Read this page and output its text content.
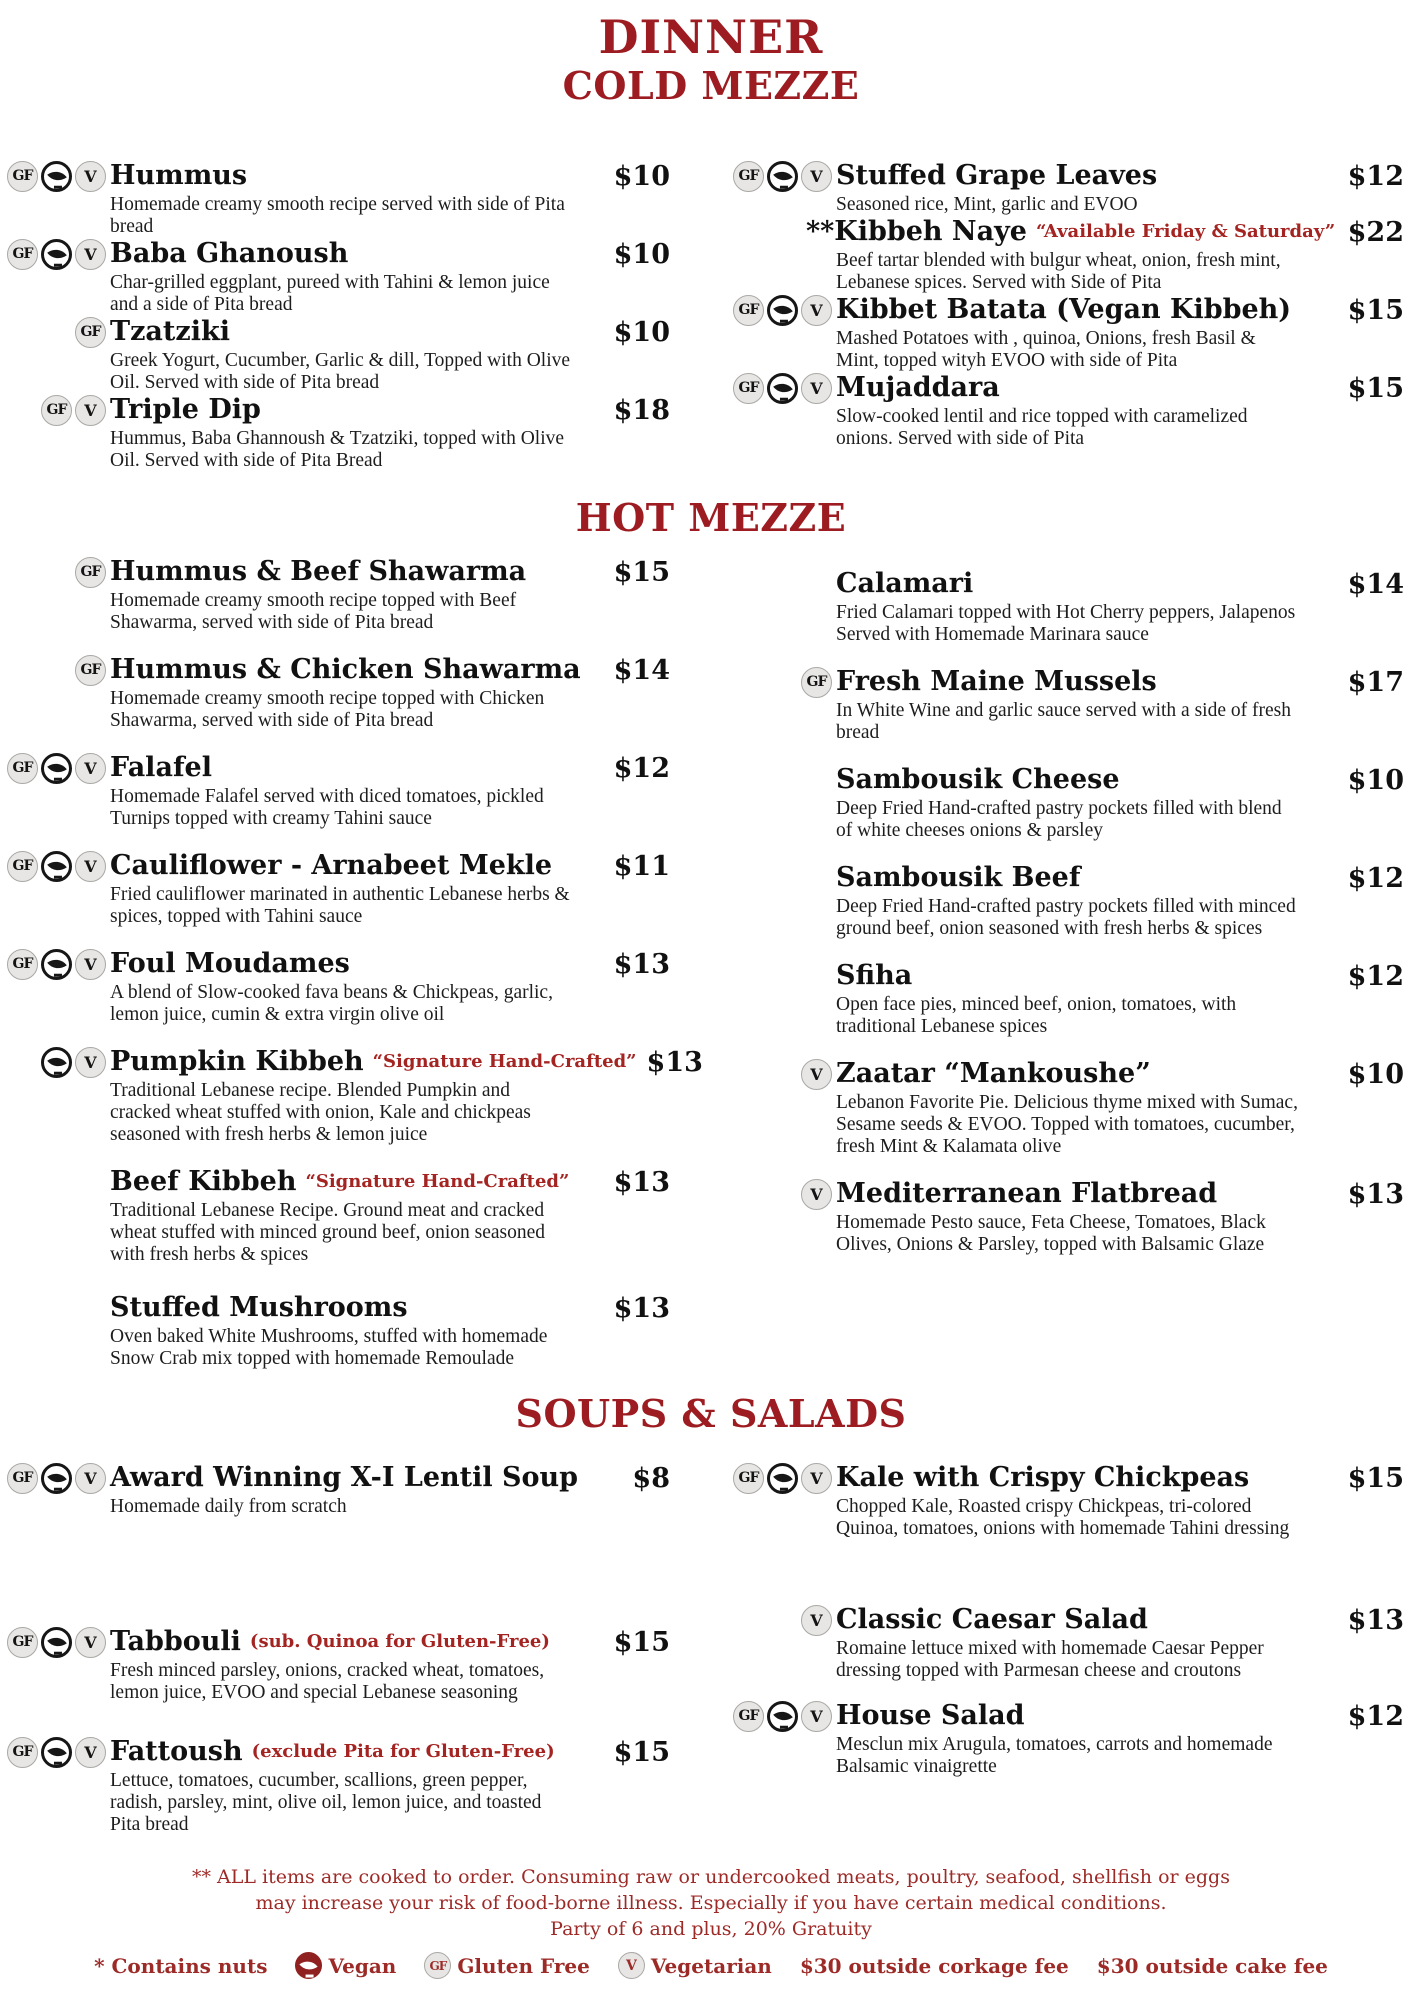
DINNER
COLD MEZZE
GF	V Hummus	$10
Homemade creamy smooth recipe served with side of Pita bread
GF	V Baba Ghanoush	$10
Char-grilled eggplant, pureed with Tahini & lemon juice and a side of Pita bread
GF Tzatziki	$10
Greek Yogurt, Cucumber, Garlic & dill, Topped with Olive Oil. Served with side of Pita bread
GF	V Triple Dip	$18
Hummus, Baba Ghannoush & Tzatziki, topped with Olive Oil. Served with side of Pita Bread
GF	V Stuffed Grape Leaves	$12
Seasoned rice, Mint, garlic and EVOO
**Kibbeh Naye “Available Friday & Saturday” $22
Beef tartar blended with bulgur wheat, onion, fresh mint, Lebanese spices. Served with Side of Pita
GF	V Kibbet Batata (Vegan Kibbeh)	$15
Mashed Potatoes with , quinoa, Onions, fresh Basil & Mint, topped wityh EVOO with side of Pita
GF	V Mujaddara	$15
Slow-cooked lentil and rice topped with caramelized onions. Served with side of Pita
HOT MEZZE
GF Hummus & Beef Shawarma	$15
Homemade creamy smooth recipe topped with Beef Shawarma, served with side of Pita bread
GF Hummus & Chicken Shawarma	$14
Homemade creamy smooth recipe topped with Chicken Shawarma, served with side of Pita bread
GF	V Falafel	$12
Homemade Falafel served with diced tomatoes, pickled Turnips topped with creamy Tahini sauce
GF	V Cauliflower - Arnabeet Mekle	$11
Fried cauliflower marinated in authentic Lebanese herbs & spices, topped with Tahini sauce
GF	V Foul Moudames	$13
A blend of Slow-cooked fava beans & Chickpeas, garlic, lemon juice, cumin & extra virgin olive oil
V Pumpkin Kibbeh “Signature Hand-Crafted” $13
Traditional Lebanese recipe. Blended Pumpkin and cracked wheat stuffed with onion, Kale and chickpeas seasoned with fresh herbs & lemon juice
Beef Kibbeh “Signature Hand-Crafted”	$13
Traditional Lebanese Recipe. Ground meat and cracked wheat stuffed with minced ground beef, onion seasoned with fresh herbs & spices
Stuffed Mushrooms	$13
Oven baked White Mushrooms, stuffed with homemade Snow Crab mix topped with homemade Remoulade
Calamari	$14
Fried Calamari topped with Hot Cherry peppers, Jalapenos Served with Homemade Marinara sauce
GF Fresh Maine Mussels	$17
In White Wine and garlic sauce served with a side of fresh bread
Sambousik Cheese	$10
Deep Fried Hand-crafted pastry pockets filled with blend of white cheeses onions & parsley
Sambousik Beef	$12
Deep Fried Hand-crafted pastry pockets filled with minced ground beef, onion seasoned with fresh herbs & spices
Sfiha	$12
Open face pies, minced beef, onion, tomatoes, with traditional Lebanese spices
V Zaatar “Mankoushe”	$10
Lebanon Favorite Pie. Delicious thyme mixed with Sumac, Sesame seeds & EVOO. Topped with tomatoes, cucumber, fresh Mint & Kalamata olive
V Mediterranean Flatbread	$13
Homemade Pesto sauce, Feta Cheese, Tomatoes, Black Olives, Onions & Parsley, topped with Balsamic Glaze
SOUPS & SALADS
GF	V Award Winning X-I Lentil Soup	$8
Homemade daily from scratch
GF	V Tabbouli (sub. Quinoa for Gluten-Free)	$15
Fresh minced parsley, onions, cracked wheat, tomatoes, lemon juice, EVOO and special Lebanese seasoning
GF	V Fattoush (exclude Pita for Gluten-Free)	$15
Lettuce, tomatoes, cucumber, scallions, green pepper, radish, parsley, mint, olive oil, lemon juice, and toasted Pita bread
GF	V Kale with Crispy Chickpeas	$15
Chopped Kale, Roasted crispy Chickpeas, tri-colored Quinoa, tomatoes, onions with homemade Tahini dressing
V Classic Caesar Salad	$13
Romaine lettuce mixed with homemade Caesar Pepper dressing topped with Parmesan cheese and croutons
GF	V House Salad	$12
Mesclun mix Arugula, tomatoes, carrots and homemade Balsamic vinaigrette
** ALL items are cooked to order. Consuming raw or undercooked meats, poultry, seafood, shellfish or eggs
may increase your risk of food-borne illness. Especially if you have certain medical conditions.
Party of 6 and plus, 20% Gratuity
* Contains nuts	Vegan	GF Gluten Free	V Vegetarian $30 outside corkage fee $30 outside cake fee
